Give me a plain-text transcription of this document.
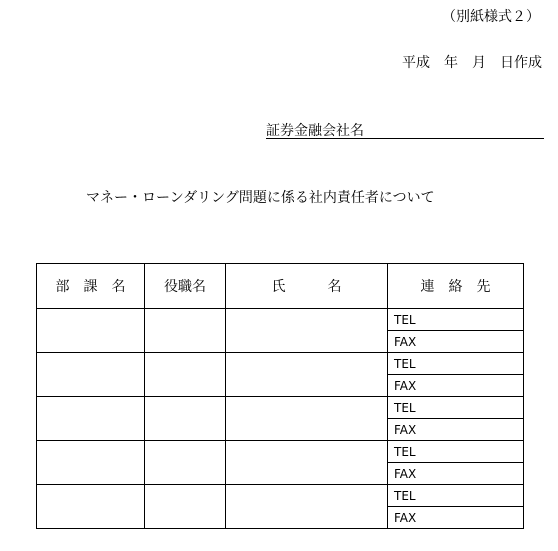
（別紙様式２）
平成　年　月　日作成
証券金融会社名
マネー・ローンダリング問題に係る社内責任者について
部　課　名	役職名	氏　　　名	連　絡　先
			TEL
			FAX
			TEL
			FAX
			TEL
			FAX
			TEL
			FAX
			TEL
			FAX
